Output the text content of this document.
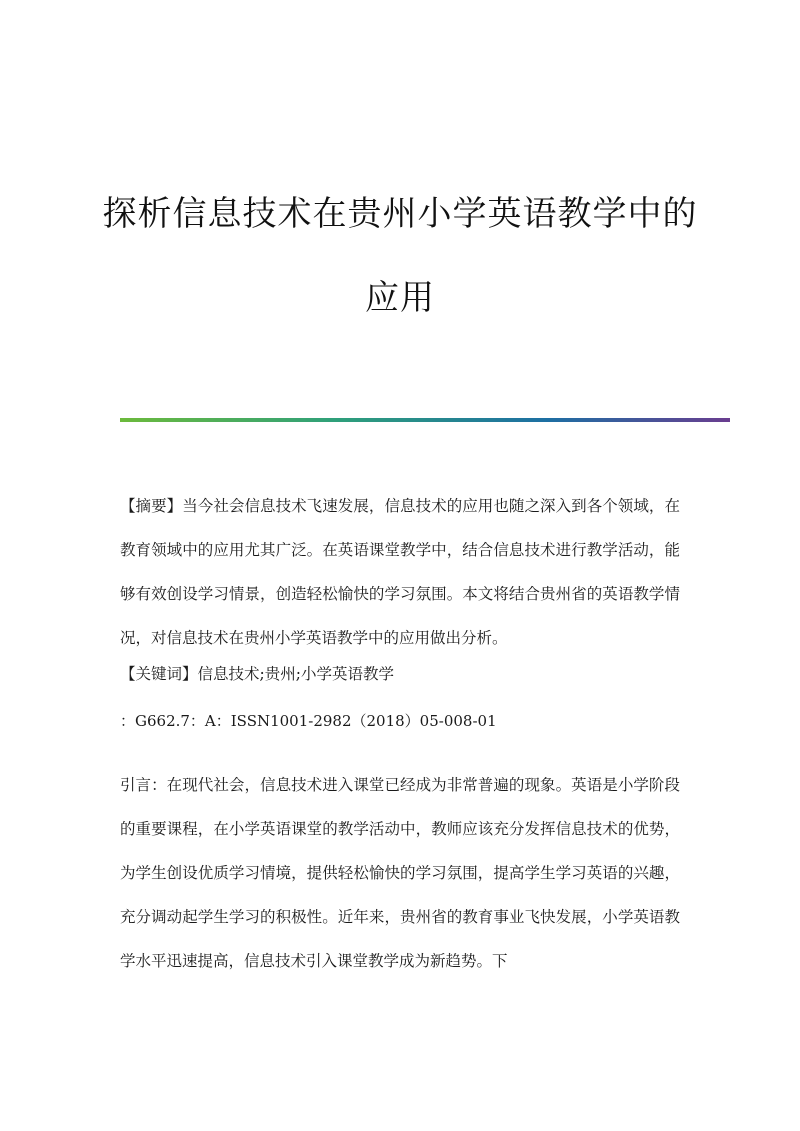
探析信息技术在贵州小学英语教学中的
应用

【摘要】当今社会信息技术飞速发展，信息技术的应用也随之深入到各个领域，在教育领域中的应用尤其广泛。在英语课堂教学中，结合信息技术进行教学活动，能够有效创设学习情景，创造轻松愉快的学习氛围。本文将结合贵州省的英语教学情况，对信息技术在贵州小学英语教学中的应用做出分析。

【关键词】信息技术;贵州;小学英语教学

：G662.7：A：ISSN1001-2982（2018）05-008-01

引言：在现代社会，信息技术进入课堂已经成为非常普遍的现象。英语是小学阶段的重要课程，在小学英语课堂的教学活动中，教师应该充分发挥信息技术的优势，为学生创设优质学习情境，提供轻松愉快的学习氛围，提高学生学习英语的兴趣，充分调动起学生学习的积极性。近年来，贵州省的教育事业飞快发展，小学英语教学水平迅速提高，信息技术引入课堂教学成为新趋势。下
